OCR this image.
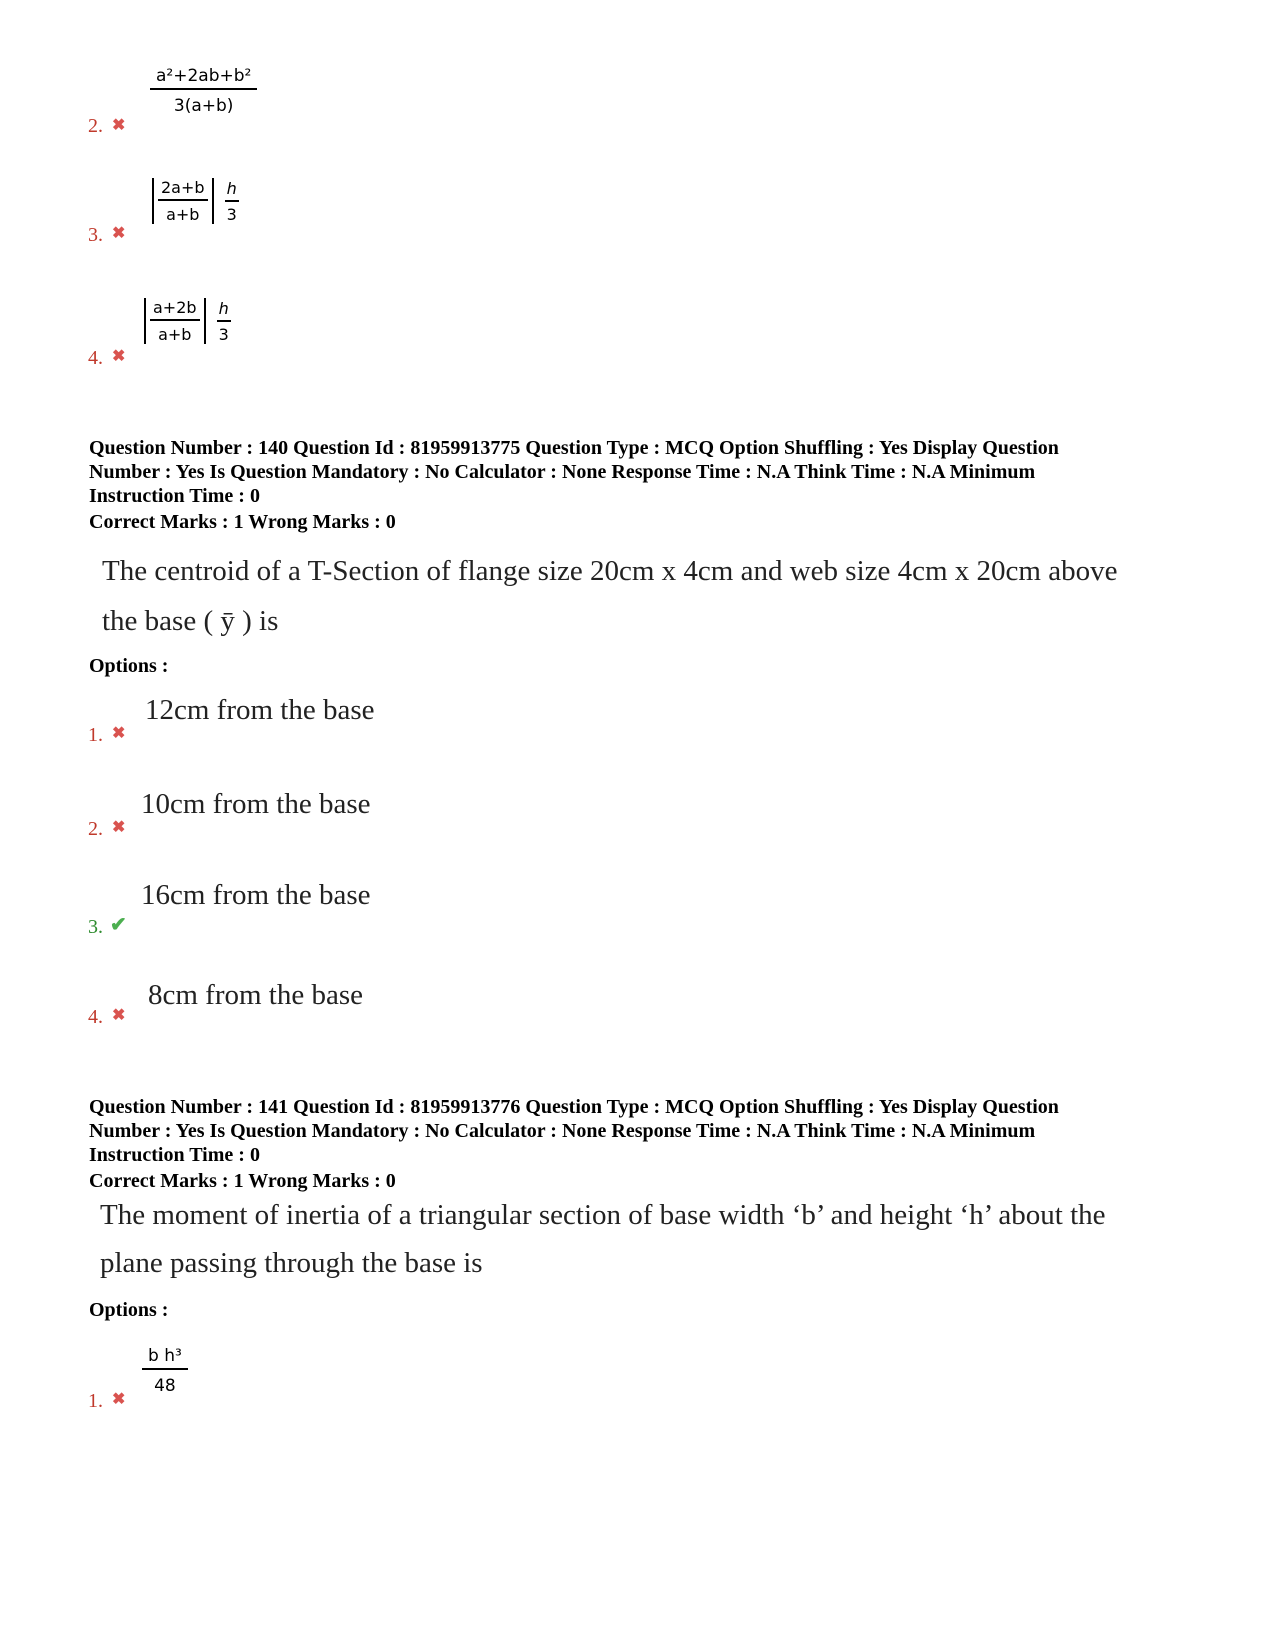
$\frac{\text{a²+2ab+b²}}{3(a+b)}$
2. ✖
$\frac{2a+b}{a+b}$
$\frac{h}{3}$
3. ✖
$\frac{a+2b}{a+b}$
$\frac{h}{3}$
4. ✖
Question Number : 140 Question Id : 81959913775 Question Type : MCQ Option Shuffling : Yes Display Question
Number : Yes Is Question Mandatory : No Calculator : None Response Time : N.A Think Time : N.A Minimum
Instruction Time : 0
Correct Marks : 1 Wrong Marks : 0
The centroid of a T-Section of flange size 20cm x 4cm and web size 4cm x 20cm above
the base ( ȳ ) is
Options :
12cm from the base
1. ✖
10cm from the base
2. ✖
16cm from the base
3. ✔
8cm from the base
4. ✖
Question Number : 141 Question Id : 81959913776 Question Type : MCQ Option Shuffling : Yes Display Question
Number : Yes Is Question Mandatory : No Calculator : None Response Time : N.A Think Time : N.A Minimum
Instruction Time : 0
Correct Marks : 1 Wrong Marks : 0
The moment of inertia of a triangular section of base width ‘b’ and height ‘h’ about the
plane passing through the base is
Options :
$\frac{\text{b h³}}{48}$
1. ✖
